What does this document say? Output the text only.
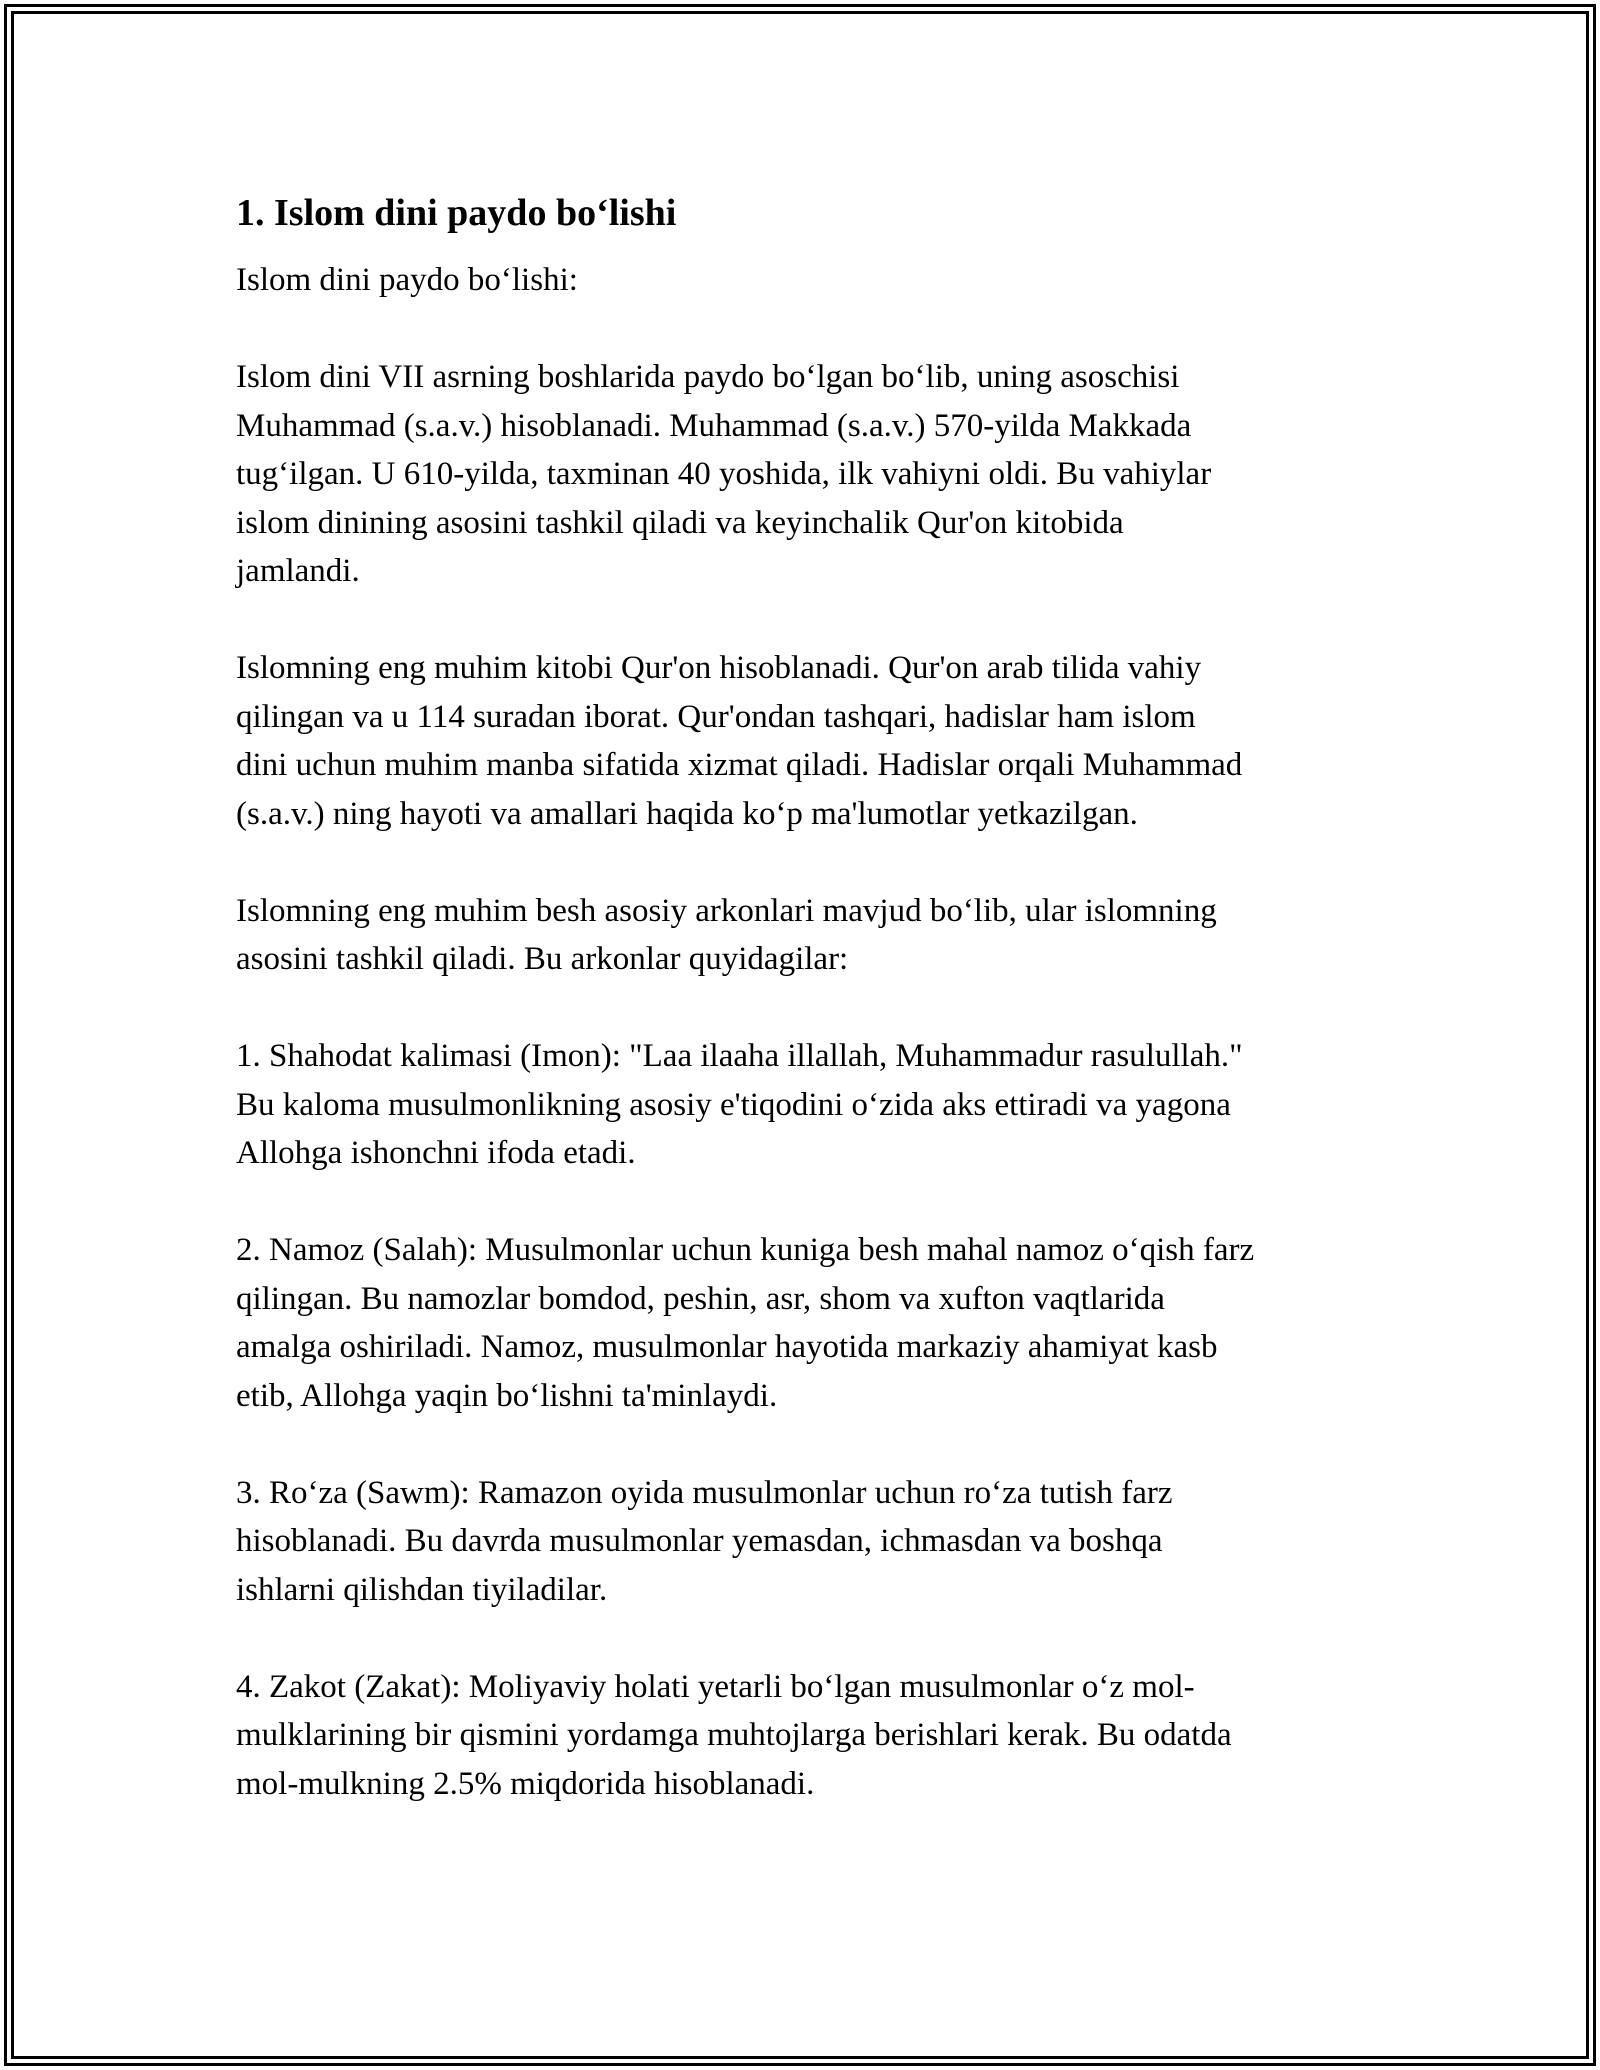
1. Islom dini paydo bo‘lishi

Islom dini paydo bo‘lishi:

Islom dini VII asrning boshlarida paydo bo‘lgan bo‘lib, uning asoschisi
Muhammad (s.a.v.) hisoblanadi. Muhammad (s.a.v.) 570-yilda Makkada
tug‘ilgan. U 610-yilda, taxminan 40 yoshida, ilk vahiyni oldi. Bu vahiylar
islom dinining asosini tashkil qiladi va keyinchalik Qur'on kitobida
jamlandi.

Islomning eng muhim kitobi Qur'on hisoblanadi. Qur'on arab tilida vahiy
qilingan va u 114 suradan iborat. Qur'ondan tashqari, hadislar ham islom
dini uchun muhim manba sifatida xizmat qiladi. Hadislar orqali Muhammad
(s.a.v.) ning hayoti va amallari haqida ko‘p ma'lumotlar yetkazilgan.

Islomning eng muhim besh asosiy arkonlari mavjud bo‘lib, ular islomning
asosini tashkil qiladi. Bu arkonlar quyidagilar:

1. Shahodat kalimasi (Imon): "Laa ilaaha illallah, Muhammadur rasulullah."
Bu kaloma musulmonlikning asosiy e'tiqodini o‘zida aks ettiradi va yagona
Allohga ishonchni ifoda etadi.

2. Namoz (Salah): Musulmonlar uchun kuniga besh mahal namoz o‘qish farz
qilingan. Bu namozlar bomdod, peshin, asr, shom va xufton vaqtlarida
amalga oshiriladi. Namoz, musulmonlar hayotida markaziy ahamiyat kasb
etib, Allohga yaqin bo‘lishni ta'minlaydi.

3. Ro‘za (Sawm): Ramazon oyida musulmonlar uchun ro‘za tutish farz
hisoblanadi. Bu davrda musulmonlar yemasdan, ichmasdan va boshqa
ishlarni qilishdan tiyiladilar.

4. Zakot (Zakat): Moliyaviy holati yetarli bo‘lgan musulmonlar o‘z mol-
mulklarining bir qismini yordamga muhtojlarga berishlari kerak. Bu odatda
mol-mulkning 2.5% miqdorida hisoblanadi.
